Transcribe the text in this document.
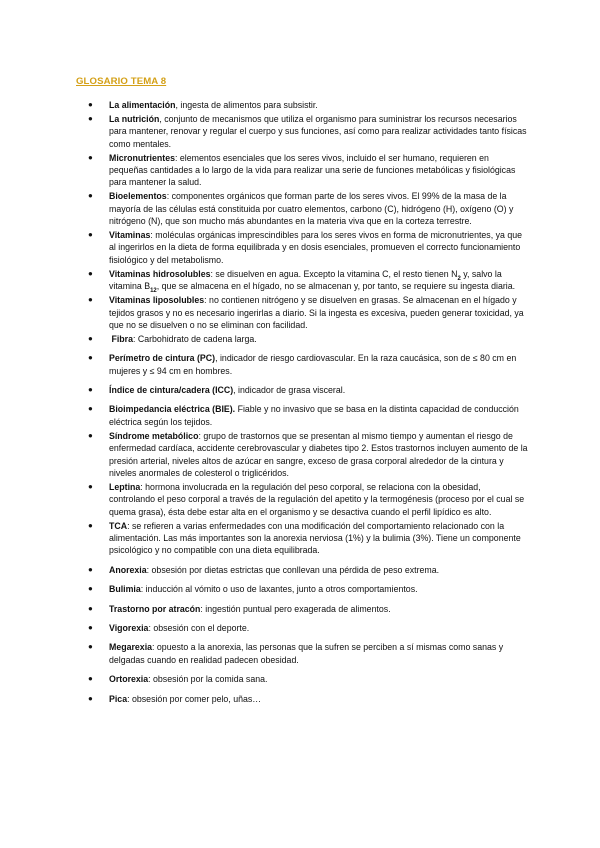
GLOSARIO TEMA 8
● La alimentación, ingesta de alimentos para subsistir.
● La nutrición, conjunto de mecanismos que utiliza el organismo para suministrar los recursos necesarios para mantener, renovar y regular el cuerpo y sus funciones, así como para realizar actividades tanto físicas como mentales.
● Micronutrientes: elementos esenciales que los seres vivos, incluido el ser humano, requieren en pequeñas cantidades a lo largo de la vida para realizar una serie de funciones metabólicas y fisiológicas para mantener la salud.
● Bioelementos: componentes orgánicos que forman parte de los seres vivos. El 99% de la masa de la mayoría de las células está constituida por cuatro elementos, carbono (C), hidrógeno (H), oxígeno (O) y nitrógeno (N), que son mucho más abundantes en la materia viva que en la corteza terrestre.
● Vitaminas: moléculas orgánicas imprescindibles para los seres vivos en forma de micronutrientes, ya que al ingerirlos en la dieta de forma equilibrada y en dosis esenciales, promueven el correcto funcionamiento fisiológico y del metabolismo.
● Vitaminas hidrosolubles: se disuelven en agua. Excepto la vitamina C, el resto tienen $N_2$ y, salvo la vitamina $B_{12}$, que se almacena en el hígado, no se almacenan y, por tanto, se requiere su ingesta diaria.
● Vitaminas liposolubles: no contienen nitrógeno y se disuelven en grasas. Se almacenan en el hígado y tejidos grasos y no es necesario ingerirlas a diario. Si la ingesta es excesiva, pueden generar toxicidad, ya que no se disuelven o no se eliminan con facilidad.
● Fibra: Carbohidrato de cadena larga.
● Perímetro de cintura (PC), indicador de riesgo cardiovascular. En la raza caucásica, son de ≤ 80 cm en mujeres y ≤ 94 cm en hombres.
● Índice de cintura/cadera (ICC), indicador de grasa visceral.
● Bioimpedancia eléctrica (BIE). Fiable y no invasivo que se basa en la distinta capacidad de conducción eléctrica según los tejidos.
● Síndrome metabólico: grupo de trastornos que se presentan al mismo tiempo y aumentan el riesgo de enfermedad cardíaca, accidente cerebrovascular y diabetes tipo 2. Estos trastornos incluyen aumento de la presión arterial, niveles altos de azúcar en sangre, exceso de grasa corporal alrededor de la cintura y niveles anormales de colesterol o triglicéridos.
● Leptina: hormona involucrada en la regulación del peso corporal, se relaciona con la obesidad, controlando el peso corporal a través de la regulación del apetito y la termogénesis (proceso por el cual se quema grasa), ésta debe estar alta en el organismo y se desactiva cuando el perfil lipídico es alto.
● TCA: se refieren a varias enfermedades con una modificación del comportamiento relacionado con la alimentación. Las más importantes son la anorexia nerviosa (1%) y la bulimia (3%). Tiene un componente psicológico y no compatible con una dieta equilibrada.
● Anorexia: obsesión por dietas estrictas que conllevan una pérdida de peso extrema.
● Bulimia: inducción al vómito o uso de laxantes, junto a otros comportamientos.
● Trastorno por atracón: ingestión puntual pero exagerada de alimentos.
● Vigorexia: obsesión con el deporte.
● Megarexia: opuesto a la anorexia, las personas que la sufren se perciben a sí mismas como sanas y delgadas cuando en realidad padecen obesidad.
● Ortorexia: obsesión por la comida sana.
● Pica: obsesión por comer pelo, uñas…
